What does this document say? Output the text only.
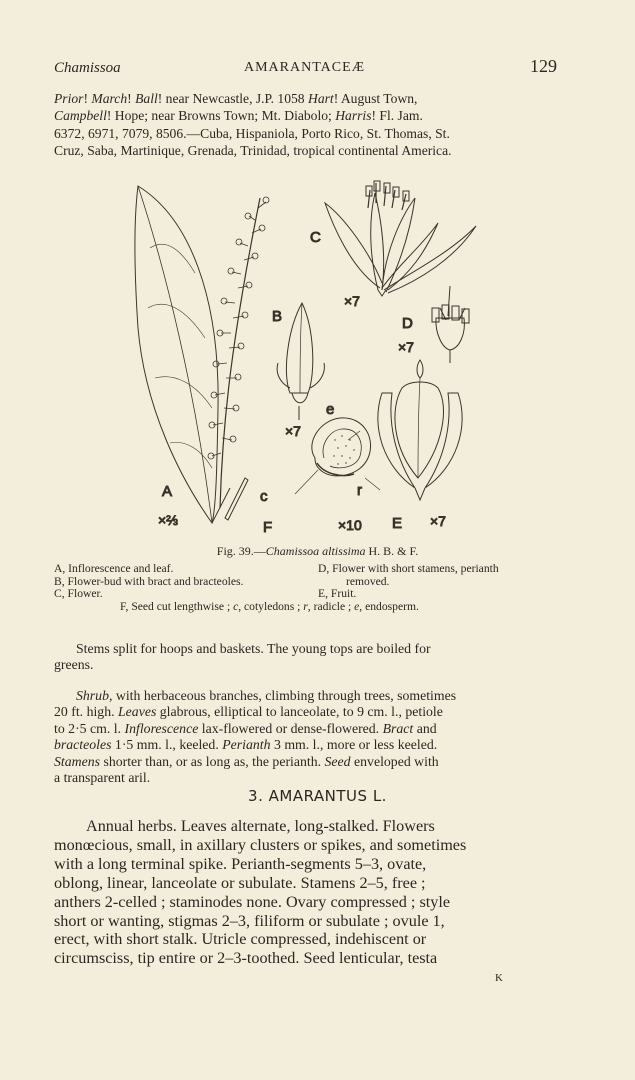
Chamissoa	AMARANTACEÆ	129
Prior! March! Ball! near Newcastle, J.P. 1058 Hart! August Town,
Campbell! Hope; near Browns Town; Mt. Diabolo; Harris! Fl. Jam.
6372, 6971, 7079, 8506.—Cuba, Hispaniola, Porto Rico, St. Thomas, St.
Cruz, Saba, Martinique, Grenada, Trinidad, tropical continental America.
C
×7
B	D
×7
×7
e
c	r
A
×⅔	F	×10 E ×7
Fig. 39.—Chamissoa altissima H. B. & F.
A, Inflorescence and leaf.	D, Flower with short stamens, perianth
B, Flower-bud with bract and bracteoles.	removed.
C, Flower.	E, Fruit.
F, Seed cut lengthwise ; c, cotyledons ; r, radicle ; e, endosperm.
Stems split for hoops and baskets. The young tops are boiled for
greens.
Shrub, with herbaceous branches, climbing through trees, sometimes
20 ft. high. Leaves glabrous, elliptical to lanceolate, to 9 cm. l., petiole
to 2·5 cm. l. Inflorescence lax-flowered or dense-flowered. Bract and
bracteoles 1·5 mm. l., keeled. Perianth 3 mm. l., more or less keeled.
Stamens shorter than, or as long as, the perianth. Seed enveloped with
a transparent aril.
3. AMARANTUS L.
Annual herbs. Leaves alternate, long-stalked. Flowers
monœcious, small, in axillary clusters or spikes, and sometimes
with a long terminal spike. Perianth-segments 5–3, ovate,
oblong, linear, lanceolate or subulate. Stamens 2–5, free ;
anthers 2-celled ; staminodes none. Ovary compressed ; style
short or wanting, stigmas 2–3, filiform or subulate ; ovule 1,
erect, with short stalk. Utricle compressed, indehiscent or
circumsciss, tip entire or 2–3-toothed. Seed lenticular, testa
K
